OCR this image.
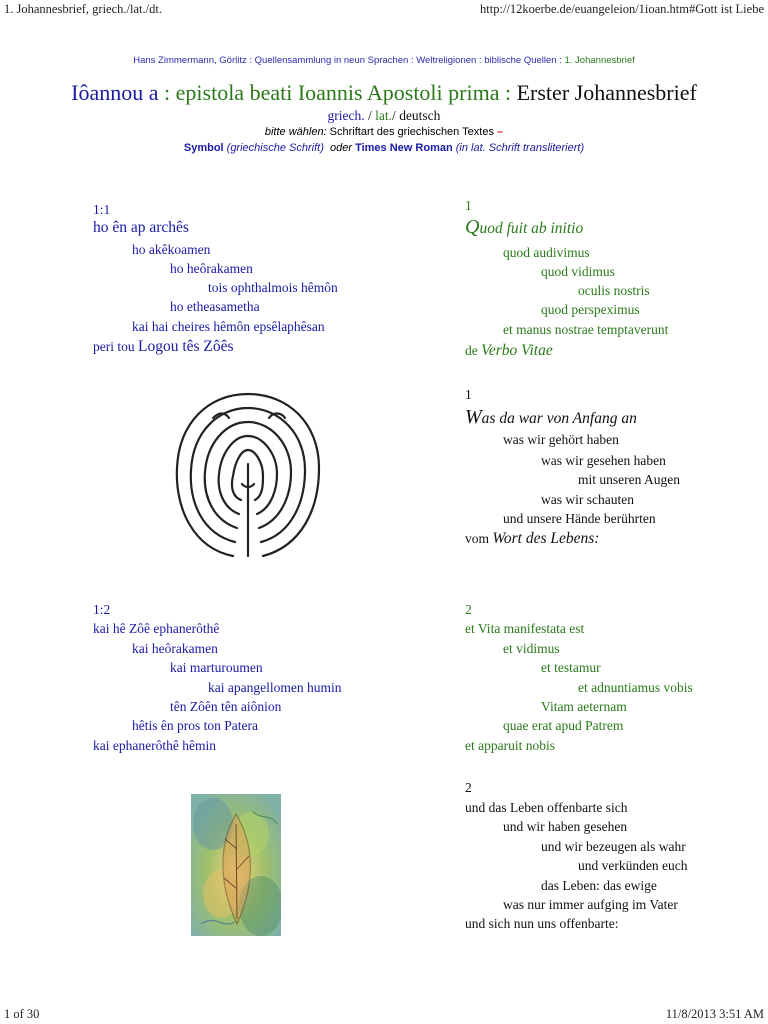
1. Johannesbrief, griech./lat./dt.	http://12koerbe.de/euangeleion/1ioan.htm#Gott ist Liebe
1 of 30	11/8/2013 3:51 AM
Hans Zimmermann, Görlitz : Quellensammlung in neun Sprachen : Weltreligionen : biblische Quellen : 1. Johannesbrief
Iôannou a : epistola beati Ioannis Apostoli prima : Erster Johannesbrief
griech. / lat./ deutsch
bitte wählen: Schriftart des griechischen Textes –
Symbol (griechische Schrift) oder Times New Roman (in lat. Schrift transliteriert)
1:1
ho ên ap archês
ho akêkoamen
ho heôrakamen
tois ophthalmois hêmôn
ho etheasametha
kai hai cheires hêmôn epsêlaphêsan
peri tou Logou tês Zôês
1
Quod fuit ab initio
quod audivimus
quod vidimus
oculis nostris
quod perspeximus
et manus nostrae temptaverunt
de Verbo Vitae
1
Was da war von Anfang an
was wir gehört haben
was wir gesehen haben
mit unseren Augen
was wir schauten
und unsere Hände berührten
vom Wort des Lebens:
1:2
kai hê Zôê ephanerôthê
kai heôrakamen
kai marturoumen
kai apangellomen humin
tên Zôên tên aiônion
hêtis ên pros ton Patera
kai ephanerôthê hêmin
2
et Vita manifestata est
et vidimus
et testamur
et adnuntiamus vobis
Vitam aeternam
quae erat apud Patrem
et apparuit nobis
2
und das Leben offenbarte sich
und wir haben gesehen
und wir bezeugen als wahr
und verkünden euch
das Leben: das ewige
was nur immer aufging im Vater
und sich nun uns offenbarte:
